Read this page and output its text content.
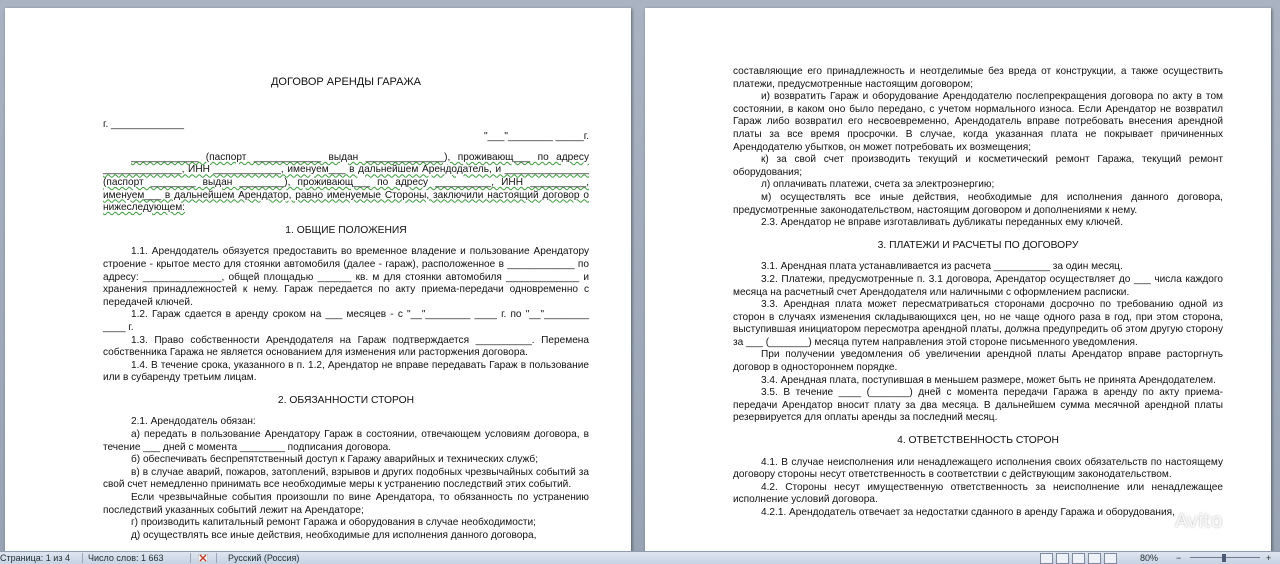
ДОГОВОР АРЕНДЫ ГАРАЖА

г. _____________

"___"________ _____г.

____________ (паспорт ____________ выдан ______________), проживающ___ по адресу ______________, ИНН ____________, именуем___ в дальнейшем Арендодатель, и _______________ (паспорт ________ выдан ________), проживающ___ по адресу __________, ИНН __________, именуем___ в дальнейшем Арендатор, равно именуемые Стороны, заключили настоящий договор о нижеследующем:

1. ОБЩИЕ ПОЛОЖЕНИЯ

1.1. Арендодатель обязуется предоставить во временное владение и пользование Арендатору строение - крытое место для стоянки автомобиля (далее - гараж), расположенное в ____________ по адресу: ______________, общей площадью ______ кв. м для стоянки автомобиля _____________ и хранения принадлежностей к нему. Гараж передается по акту приема-передачи одновременно с передачей ключей.

1.2. Гараж сдается в аренду сроком на ___ месяцев - с "__"________ ____ г. по "__"________ ____ г.

1.3. Право собственности Арендодателя на Гараж подтверждается __________. Перемена собственника Гаража не является основанием для изменения или расторжения договора.

1.4. В течение срока, указанного в п. 1.2, Арендатор не вправе передавать Гараж в пользование или в субаренду третьим лицам.

2. ОБЯЗАННОСТИ СТОРОН

2.1. Арендодатель обязан:

а) передать в пользование Арендатору Гараж в состоянии, отвечающем условиям договора, в течение ___ дней с момента ________ подписания договора.

б) обеспечивать беспрепятственный доступ к Гаражу аварийных и технических служб;

в) в случае аварий, пожаров, затоплений, взрывов и других подобных чрезвычайных событий за свой счет немедленно принимать все необходимые меры к устранению последствий этих событий.

Если чрезвычайные события произошли по вине Арендатора, то обязанность по устранению последствий указанных событий лежит на Арендаторе;

г) производить капитальный ремонт Гаража и оборудования в случае необходимости;

д) осуществлять все иные действия, необходимые для исполнения данного договора,

составляющие его принадлежность и неотделимые без вреда от конструкции, а также осуществить платежи, предусмотренные настоящим договором;

и) возвратить Гараж и оборудование Арендодателю послепрекращения договора по акту в том состоянии, в каком оно было передано, с учетом нормального износа. Если Арендатор не возвратил Гараж либо возвратил его несвоевременно, Арендодатель вправе потребовать внесения арендной платы за все время просрочки. В случае, когда указанная плата не покрывает причиненных Арендодателю убытков, он может потребовать их возмещения;

к) за свой счет производить текущий и косметический ремонт Гаража, текущий ремонт оборудования;

л) оплачивать платежи, счета за электроэнергию;

м) осуществлять все иные действия, необходимые для исполнения данного договора, предусмотренные законодательством, настоящим договором и дополнениями к нему.

2.3. Арендатор не вправе изготавливать дубликаты переданных ему ключей.

3. ПЛАТЕЖИ И РАСЧЕТЫ ПО ДОГОВОРУ

3.1. Арендная плата устанавливается из расчета __________ за один месяц.

3.2. Платежи, предусмотренные п. 3.1 договора, Арендатор осуществляет до ___ числа каждого месяца на расчетный счет Арендодателя или наличными с оформлением расписки.

3.3. Арендная плата может пересматриваться сторонами досрочно по требованию одной из сторон в случаях изменения складывающихся цен, но не чаще одного раза в год, при этом сторона, выступившая инициатором пересмотра арендной платы, должна предупредить об этом другую сторону за ___ (_______) месяца путем направления этой стороне письменного уведомления.

При получении уведомления об увеличении арендной платы Арендатор вправе расторгнуть договор в одностороннем порядке.

3.4. Арендная плата, поступившая в меньшем размере, может быть не принята Арендодателем.

3.5. В течение ____ (_______) дней с момента передачи Гаража в аренду по акту приема-передачи Арендатор вносит плату за два месяца. В дальнейшем сумма месячной арендной платы резервируется для оплаты аренды за последний месяц.

4. ОТВЕТСТВЕННОСТЬ СТОРОН

4.1. В случае неисполнения или ненадлежащего исполнения своих обязательств по настоящему договору стороны несут ответственность в соответствии с действующим законодательством.

4.2. Стороны несут имущественную ответственность за неисполнение или ненадлежащее исполнение условий договора.

4.2.1. Арендодатель отвечает за недостатки сданного в аренду Гаража и оборудования, Avito
Страница: 1 из 4 Число слов: 1 663	Русский (Россия)	80% −	+
